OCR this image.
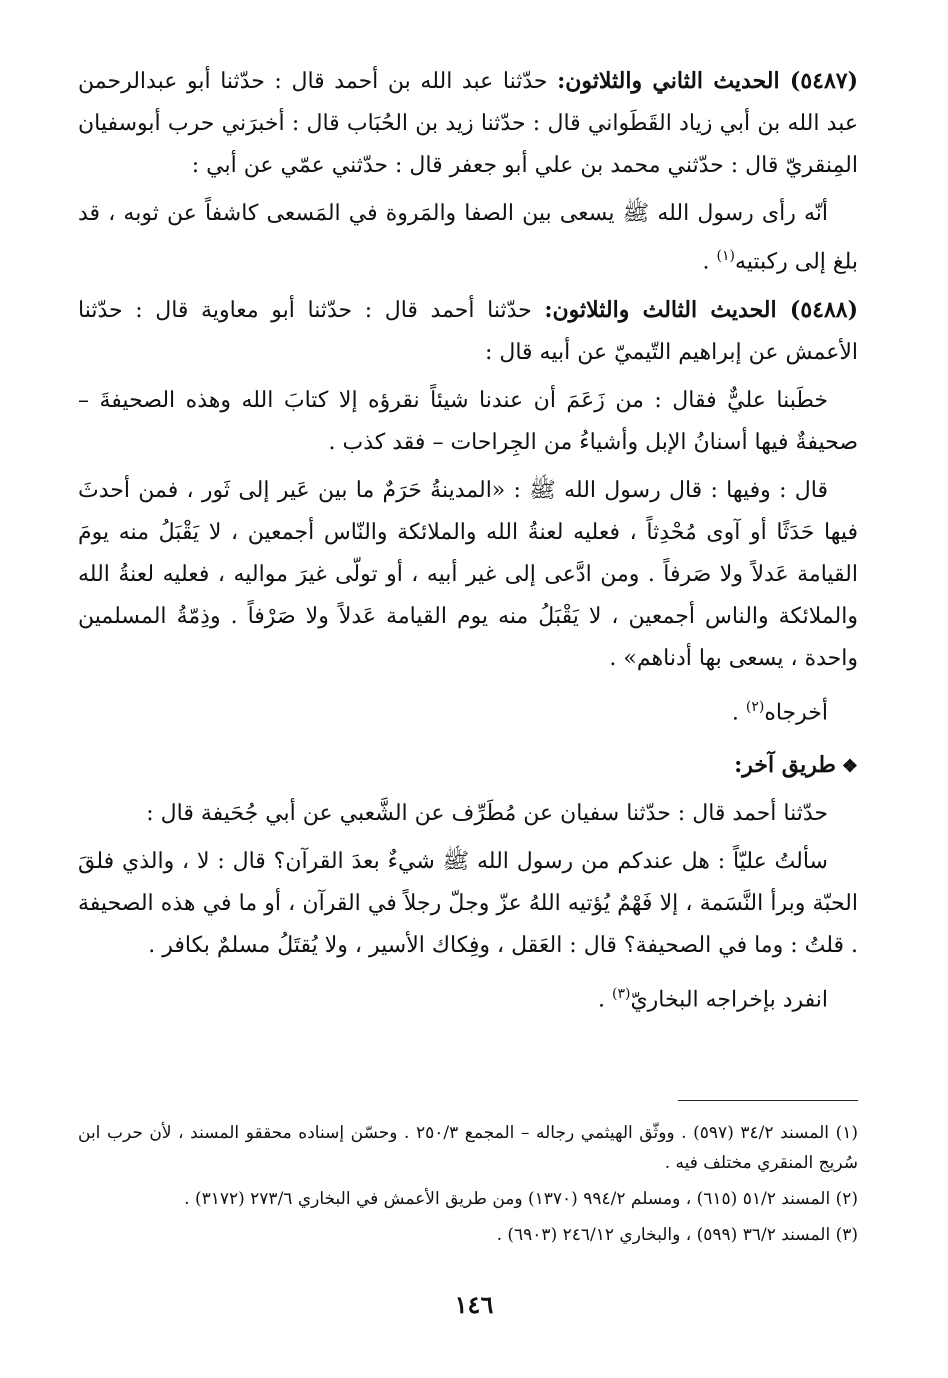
(٥٤٨٧) الحديث الثاني والثلاثون: حدّثنا عبد الله بن أحمد قال : حدّثنا أبو عبدالرحمن عبد الله بن أبي زياد القَطَواني قال : حدّثنا زيد بن الحُبَاب قال : أخبرَني حرب أبوسفيان المِنقريّ قال : حدّثني محمد بن علي أبو جعفر قال : حدّثني عمّي عن أبي :

أنّه رأى رسول الله ﷺ يسعى بين الصفا والمَروة في المَسعى كاشفاً عن ثوبه ، قد بلغ إلى ركبتيه$^{(١)}$ .

(٥٤٨٨) الحديث الثالث والثلاثون: حدّثنا أحمد قال : حدّثنا أبو معاوية قال : حدّثنا الأعمش عن إبراهيم التّيميّ عن أبيه قال :

خطَبنا عليٌّ فقال : من زَعَمَ أن عندنا شيئاً نقرؤه إلا كتابَ الله وهذه الصحيفةَ – صحيفةٌ فيها أسنانُ الإبل وأشياءُ من الجِراحات – فقد كذب .

قال : وفيها : قال رسول الله ﷺ : «المدينةُ حَرَمٌ ما بين عَير إلى ثَور ، فمن أحدثَ فيها حَدَثًا أو آوى مُحْدِثاً ، فعليه لعنةُ الله والملائكة والنّاس أجمعين ، لا يَقْبَلُ منه يومَ القيامة عَدلاً ولا صَرفاً . ومن ادَّعى إلى غير أبيه ، أو تولّى غيرَ مواليه ، فعليه لعنةُ الله والملائكة والناس أجمعين ، لا يَقْبَلُ منه يوم القيامة عَدلاً ولا صَرْفاً . وذِمّةُ المسلمين واحدة ، يسعى بها أدناهم» .

أخرجاه$^{(٢)}$ .

❖طريق آخر:

حدّثنا أحمد قال : حدّثنا سفيان عن مُطَرِّف عن الشَّعبي عن أبي جُحَيفة قال :

سألتُ عليّاً : هل عندكم من رسول الله ﷺ شيءٌ بعدَ القرآن؟ قال : لا ، والذي فلقَ الحبّة وبرأ النَّسَمة ، إلا فَهْمٌ يُؤتيه اللهُ عزّ وجلّ رجلاً في القرآن ، أو ما في هذه الصحيفة . قلتُ : وما في الصحيفة؟ قال : العَقل ، وفِكاك الأسير ، ولا يُقتَلُ مسلمٌ بكافر .

انفرد بإخراجه البخاريّ$^{(٣)}$ .

(١) المسند ٣٤/٢ (٥٩٧) . ووثّق الهيثمي رجاله – المجمع ٢٥٠/٣ . وحسّن إسناده محققو المسند ، لأن حرب ابن سُريج المنقري مختلف فيه .

(٢) المسند ٥١/٢ (٦١٥) ، ومسلم ٩٩٤/٢ (١٣٧٠) ومن طريق الأعمش في البخاري ٢٧٣/٦ (٣١٧٢) .

(٣) المسند ٣٦/٢ (٥٩٩) ، والبخاري ٢٤٦/١٢ (٦٩٠٣) .

١٤٦
